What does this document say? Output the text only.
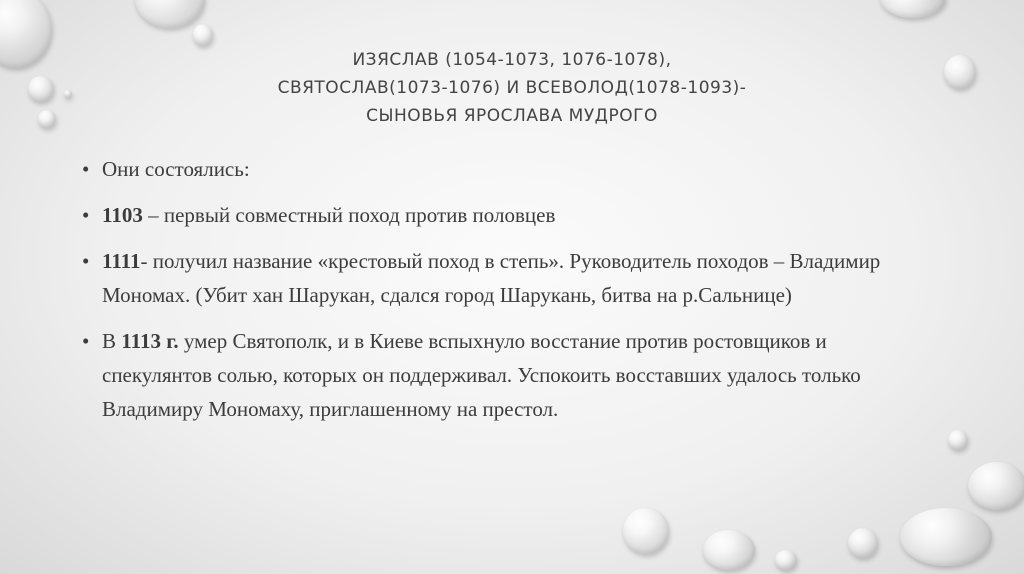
ИЗЯСЛАВ (1054-1073, 1076-1078),
СВЯТОСЛАВ(1073-1076) И ВСЕВОЛОД(1078-1093)-
СЫНОВЬЯ ЯРОСЛАВА МУДРОГО
• Они состоялись:
• 1103 – первый совместный поход против половцев
• 1111- получил название «крестовый поход в степь». Руководитель походов – Владимир Мономах. (Убит хан Шарукан, сдался город Шарукань, битва на р.Сальнице)
• В 1113 г. умер Святополк, и в Киеве вспыхнуло восстание против ростовщиков и спекулянтов солью, которых он поддерживал. Успокоить восставших удалось только Владимиру Мономаху, приглашенному на престол.
